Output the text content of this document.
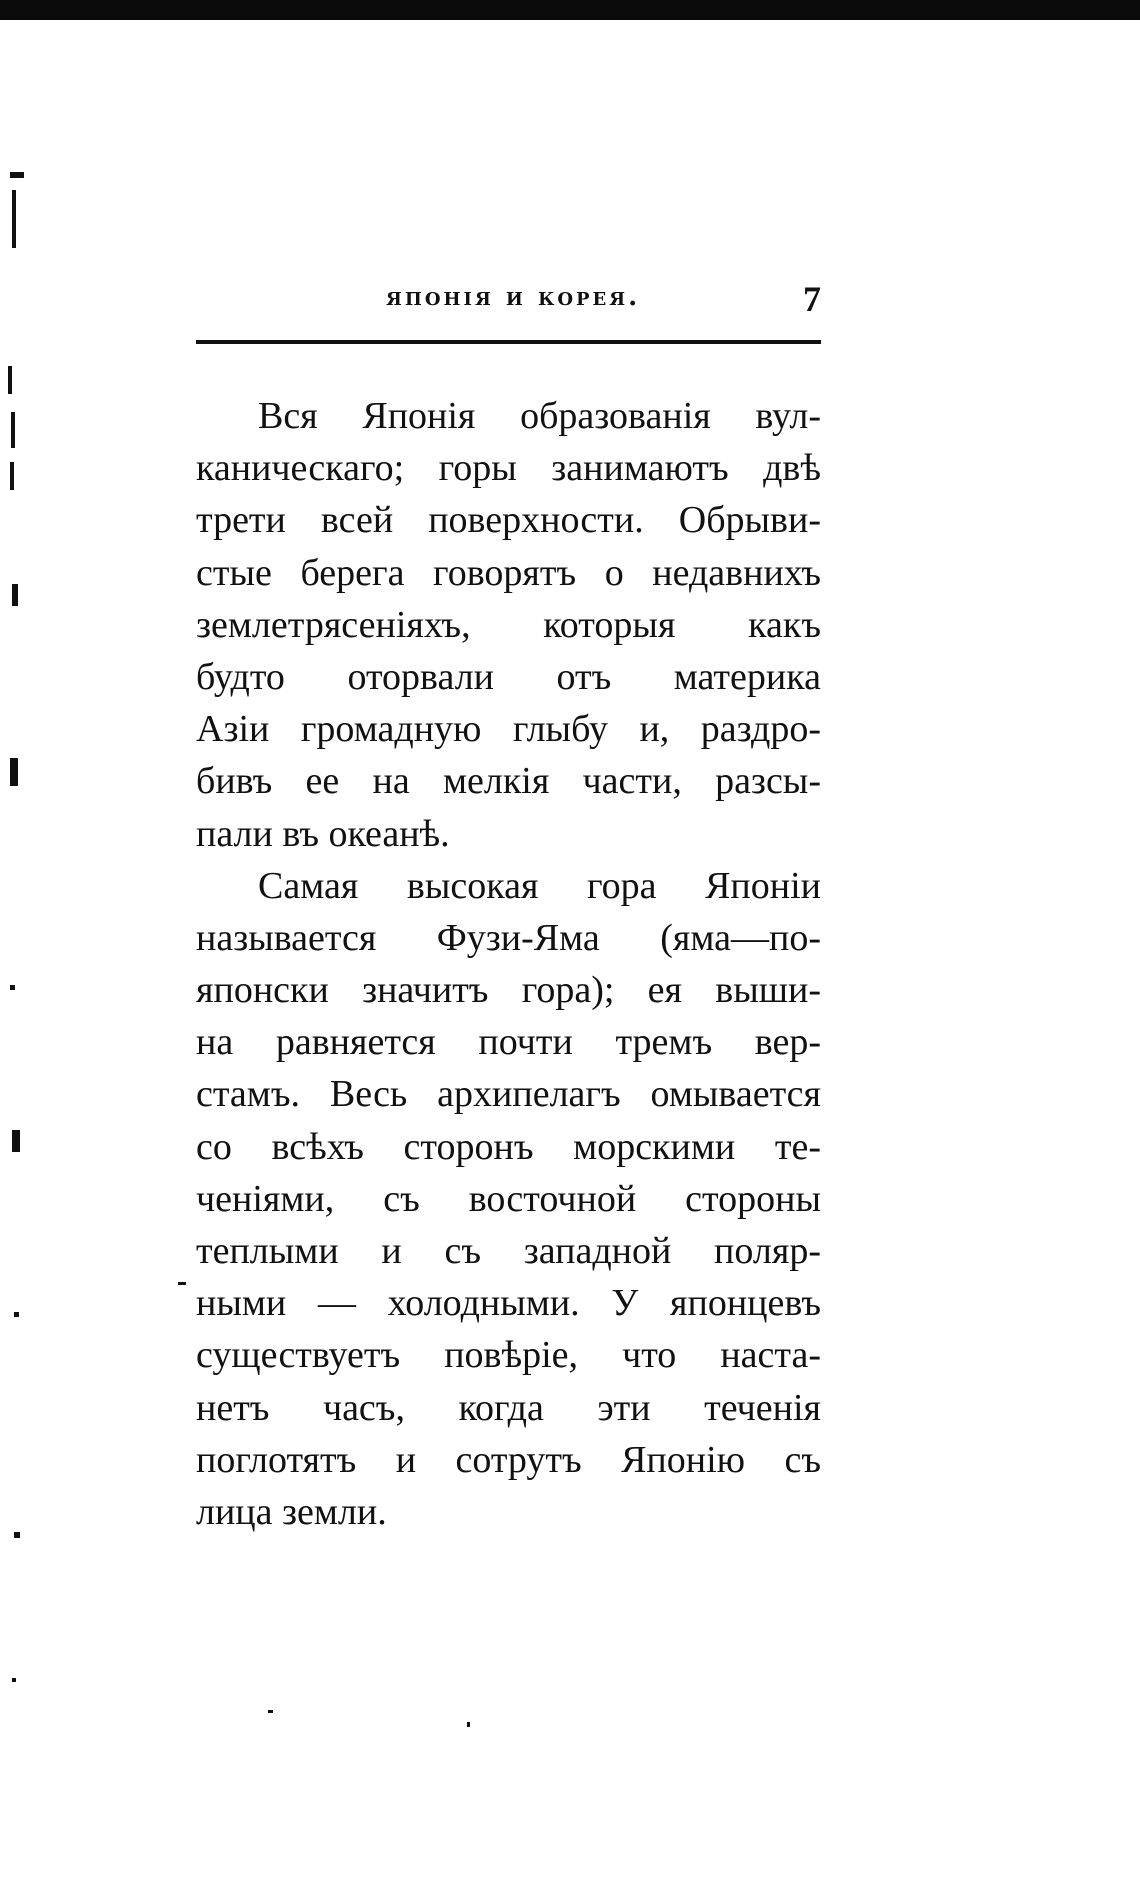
японія и корея.	7
Вся Японія образованія вул-
каническаго; горы занимаютъ двѣ
трети всей поверхности. Обрыви-
стые берега говорятъ о недавнихъ
землетрясеніяхъ, которыя какъ
будто оторвали отъ материка
Азіи громадную глыбу и, раздро-
бивъ ее на мелкія части, разсы-
пали въ океанѣ.
Самая высокая гора Японіи
называется Фузи-Яма (яма—по-
японски значитъ гора); ея выши-
на равняется почти тремъ вер-
стамъ. Весь архипелагъ омывается
со всѣхъ сторонъ морскими те-
ченіями, съ восточной стороны
теплыми и съ западной поляр-
ными — холодными. У японцевъ
существуетъ повѣріе, что наста-
нетъ часъ, когда эти теченія
поглотятъ и сотрутъ Японію съ
лица земли.
